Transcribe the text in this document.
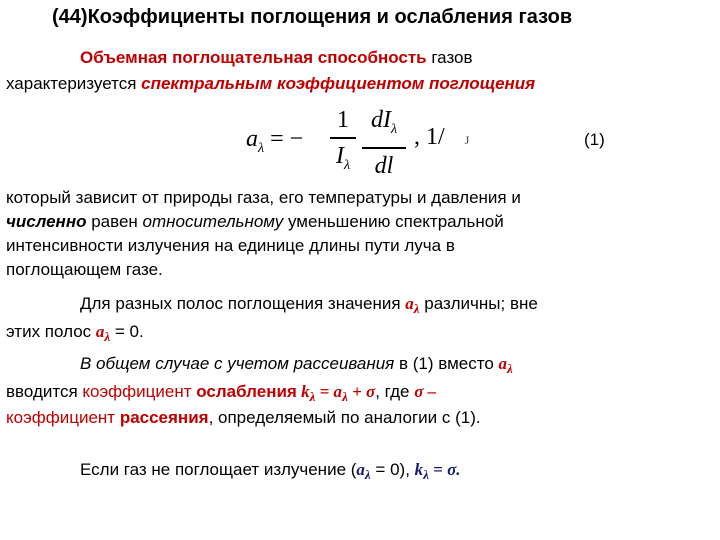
(44)Коэффициенты поглощения и ослабления газов
Объемная поглощательная способность газов
характеризуется спектральным коэффициентом поглощения
$a_\lambda$ = −
1
$I_\lambda$
$dI_\lambda$
dl
, 1/ J	(1)
который зависит от природы газа, его температуры и давления и
численно равен относительному уменьшению спектральной
интенсивности излучения на единице длины пути луча в
поглощающем газе.
Для разных полос поглощения значения $a_\lambda$ различны; вне
этих полос $a_\lambda = 0$.
В общем случае с учетом рассеивания в (1) вместо $a_\lambda$
вводится коэффициент ослабления $k_\lambda = a_\lambda + \sigma$, где σ –
коэффициент рассеяния, определяемый по аналогии с (1).
Если газ не поглощает излучение $(a_\lambda = 0)$, $k_\lambda = \sigma$.
